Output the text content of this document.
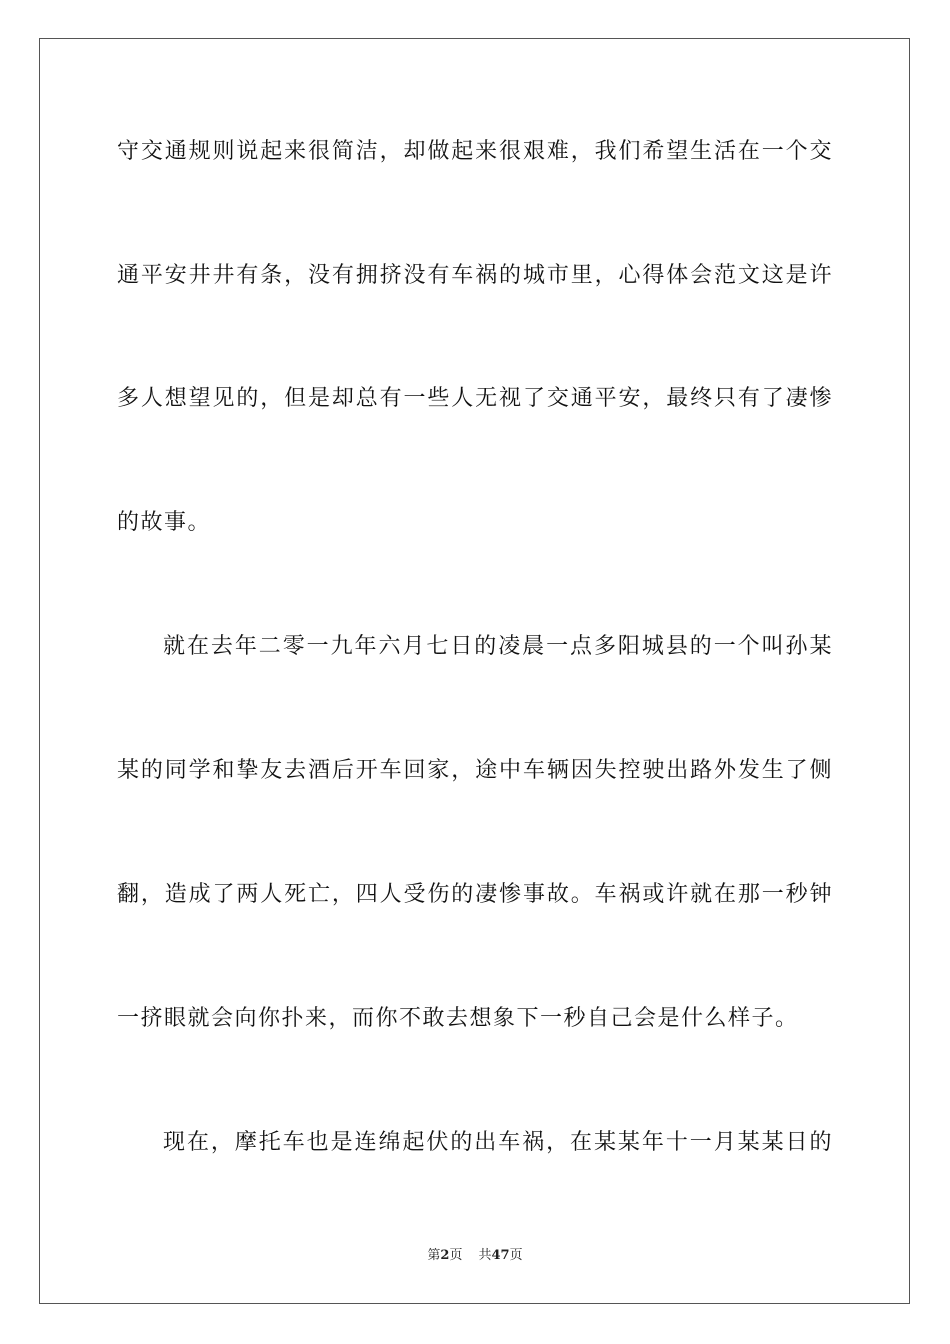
守交通规则说起来很简洁，却做起来很艰难，我们希望生活在一个交
通平安井井有条，没有拥挤没有车祸的城市里，心得体会范文这是许
多人想望见的，但是却总有一些人无视了交通平安，最终只有了凄惨
的故事。
就在去年二零一九年六月七日的凌晨一点多阳城县的一个叫孙某
某的同学和挚友去酒后开车回家，途中车辆因失控驶出路外发生了侧
翻，造成了两人死亡，四人受伤的凄惨事故。车祸或许就在那一秒钟
一挤眼就会向你扑来，而你不敢去想象下一秒自己会是什么样子。
现在，摩托车也是连绵起伏的出车祸，在某某年十一月某某日的
第2页 共47页
